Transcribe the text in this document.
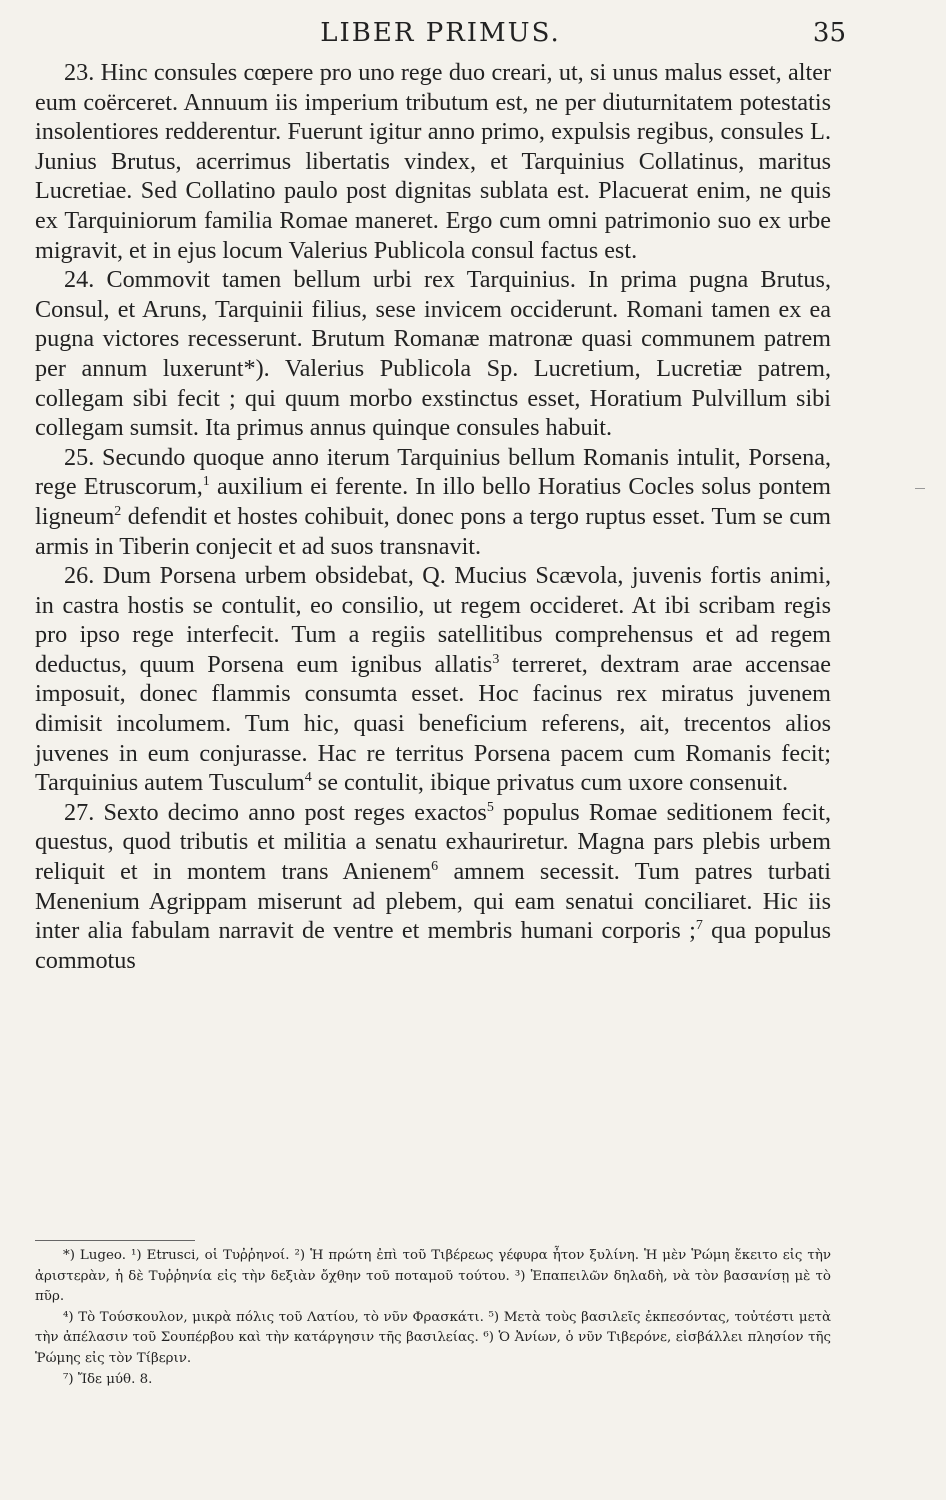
LIBER PRIMUS.	35

23. Hinc consules cœpere pro uno rege duo creari, ut, si unus malus esset, alter eum coërceret. Annuum iis imperium tributum est, ne per diuturnitatem potestatis insolentiores redderentur. Fuerunt igitur anno primo, expulsis regibus, consules L. Junius Brutus, acerrimus libertatis vindex, et Tarquinius Collatinus, maritus Lucretiae. Sed Collatino paulo post dignitas sublata est. Placuerat enim, ne quis ex Tarquiniorum familia Romae maneret. Ergo cum omni patrimonio suo ex urbe migravit, et in ejus locum Valerius Publicola consul factus est.

24. Commovit tamen bellum urbi rex Tarquinius. In prima pugna Brutus, Consul, et Aruns, Tarquinii filius, sese invicem occiderunt. Romani tamen ex ea pugna victores recesserunt. Brutum Romanæ matronæ quasi communem patrem per annum luxerunt*). Valerius Publicola Sp. Lucretium, Lucretiæ patrem, collegam sibi fecit ; qui quum morbo exstinctus esset, Horatium Pulvillum sibi collegam sumsit. Ita primus annus quinque consules habuit.

25. Secundo quoque anno iterum Tarquinius bellum Romanis intulit, Porsena, rege Etruscorum,$^1$ auxilium ei ferente. In illo bello Horatius Cocles solus pontem ligneum$^2$ defendit et hostes cohibuit, donec pons a tergo ruptus esset. Tum se cum armis in Tiberin conjecit et ad suos transnavit.

26. Dum Porsena urbem obsidebat, Q. Mucius Scævola, juvenis fortis animi, in castra hostis se contulit, eo consilio, ut regem occideret. At ibi scribam regis pro ipso rege interfecit. Tum a regiis satellitibus comprehensus et ad regem deductus, quum Porsena eum ignibus allatis$^3$ terreret, dextram arae accensae imposuit, donec flammis consumta esset. Hoc facinus rex miratus juvenem dimisit incolumem. Tum hic, quasi beneficium referens, ait, trecentos alios juvenes in eum conjurasse. Hac re territus Porsena pacem cum Romanis fecit; Tarquinius autem Tusculum$^4$ se contulit, ibique privatus cum uxore consenuit.

27. Sexto decimo anno post reges exactos$^5$ populus Romae seditionem fecit, questus, quod tributis et militia a senatu exhauriretur. Magna pars plebis urbem reliquit et in montem trans Anienem$^6$ amnem secessit. Tum patres turbati Menenium Agrippam miserunt ad plebem, qui eam senatui conciliaret. Hic iis inter alia fabulam narravit de ventre et membris humani corporis ;$^7$ qua populus commotus

*) Lugeo. ¹) Etrusci, οἱ Τυῤῥηνοί. ²) Ἡ πρώτη ἐπὶ τοῦ Τιβέρεως γέφυρα ἦτον ξυλίνη. Ἡ μὲν Ῥώμη ἔκειτο εἰς τὴν ἀριστερὰν, ἡ δὲ Τυῤῥηνία εἰς τὴν δεξιὰν ὄχθην τοῦ ποταμοῦ τούτου. ³) Ἐπαπειλῶν δηλαδὴ, νὰ τὸν βασανίσῃ μὲ τὸ πῦρ.

⁴) Τὸ Τούσκουλον, μικρὰ πόλις τοῦ Λατίου, τὸ νῦν Φρασκάτι. ⁵) Μετὰ τοὺς βασιλεῖς ἐκπεσόντας, τοὐτέστι μετὰ τὴν ἀπέλασιν τοῦ Σουπέρβου καὶ τὴν κατάργησιν τῆς βασιλείας. ⁶) Ὁ Ἀνίων, ὁ νῦν Τιβερόνε, εἰσβάλλει πλησίον τῆς Ῥώμης εἰς τὸν Τίβεριν.

⁷) Ἴδε μύθ. 8.
